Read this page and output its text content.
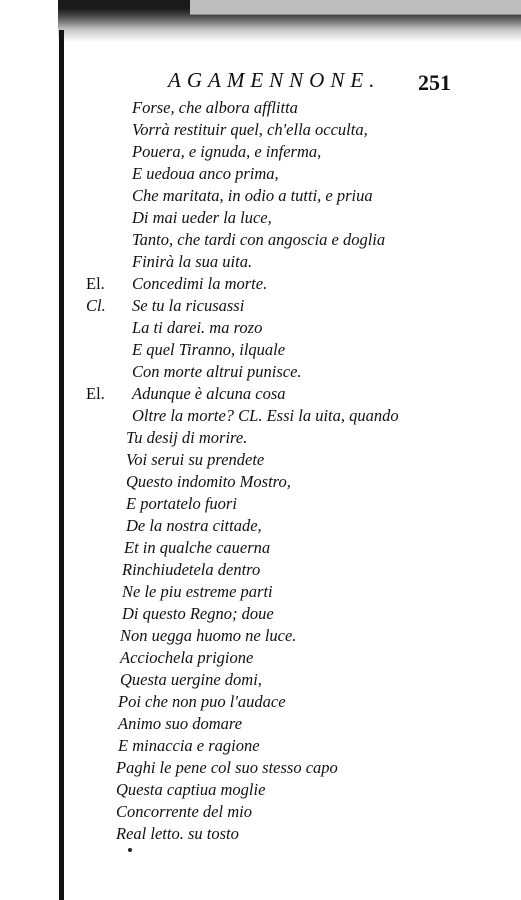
AGAMENNONE.	251
El.
Cl.
El.
Forse, che albora afflitta
Vorrà restituir quel, ch'ella occulta,
Pouera, e ignuda, e inferma,
E uedoua anco prima,
Che maritata, in odio a tutti, e priua
Di mai ueder la luce,
Tanto, che tardi con angoscia e doglia
Finirà la sua uita.
Concedimi la morte.
Se tu la ricusassi
La ti darei. ma rozo
E quel Tiranno, ilquale
Con morte altrui punisce.
Adunque è alcuna cosa
Oltre la morte? CL. Essi la uita, quando
Tu desij di morire.
Voi serui su prendete
Questo indomito Mostro,
E portatelo fuori
De la nostra cittade,
Et in qualche cauerna
Rinchiudetela dentro
Ne le piu estreme parti
Di questo Regno; doue
Non uegga huomo ne luce.
Acciochela prigione
Questa uergine domi,
Poi che non puo l'audace
Animo suo domare
E minaccia e ragione
Paghi le pene col suo stesso capo
Questa captiua moglie
Concorrente del mio
Real letto. su tosto
